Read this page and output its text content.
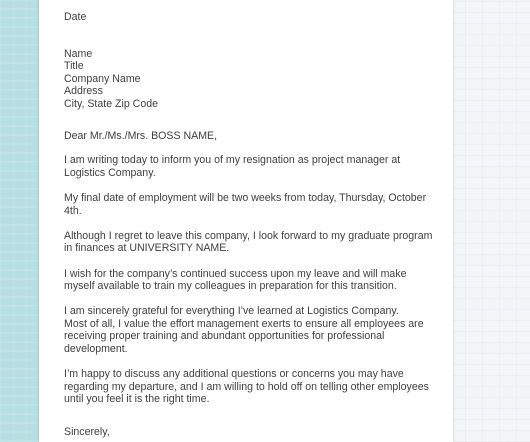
Date
Name
Title
Company Name
Address
City, State Zip Code
Dear Mr./Ms./Mrs. BOSS NAME,

I am writing today to inform you of my resignation as project manager at
Logistics Company.

My final date of employment will be two weeks from today, Thursday, October
4th.

Although I regret to leave this company, I look forward to my graduate program
in finances at UNIVERSITY NAME.

I wish for the company’s continued success upon my leave and will make
myself available to train my colleagues in preparation for this transition.

I am sincerely grateful for everything I’ve learned at Logistics Company.
Most of all, I value the effort management exerts to ensure all employees are
receiving proper training and abundant opportunities for professional
development.

I’m happy to discuss any additional questions or concerns you may have
regarding my departure, and I am willing to hold off on telling other employees
until you feel it is the right time.

Sincerely,
